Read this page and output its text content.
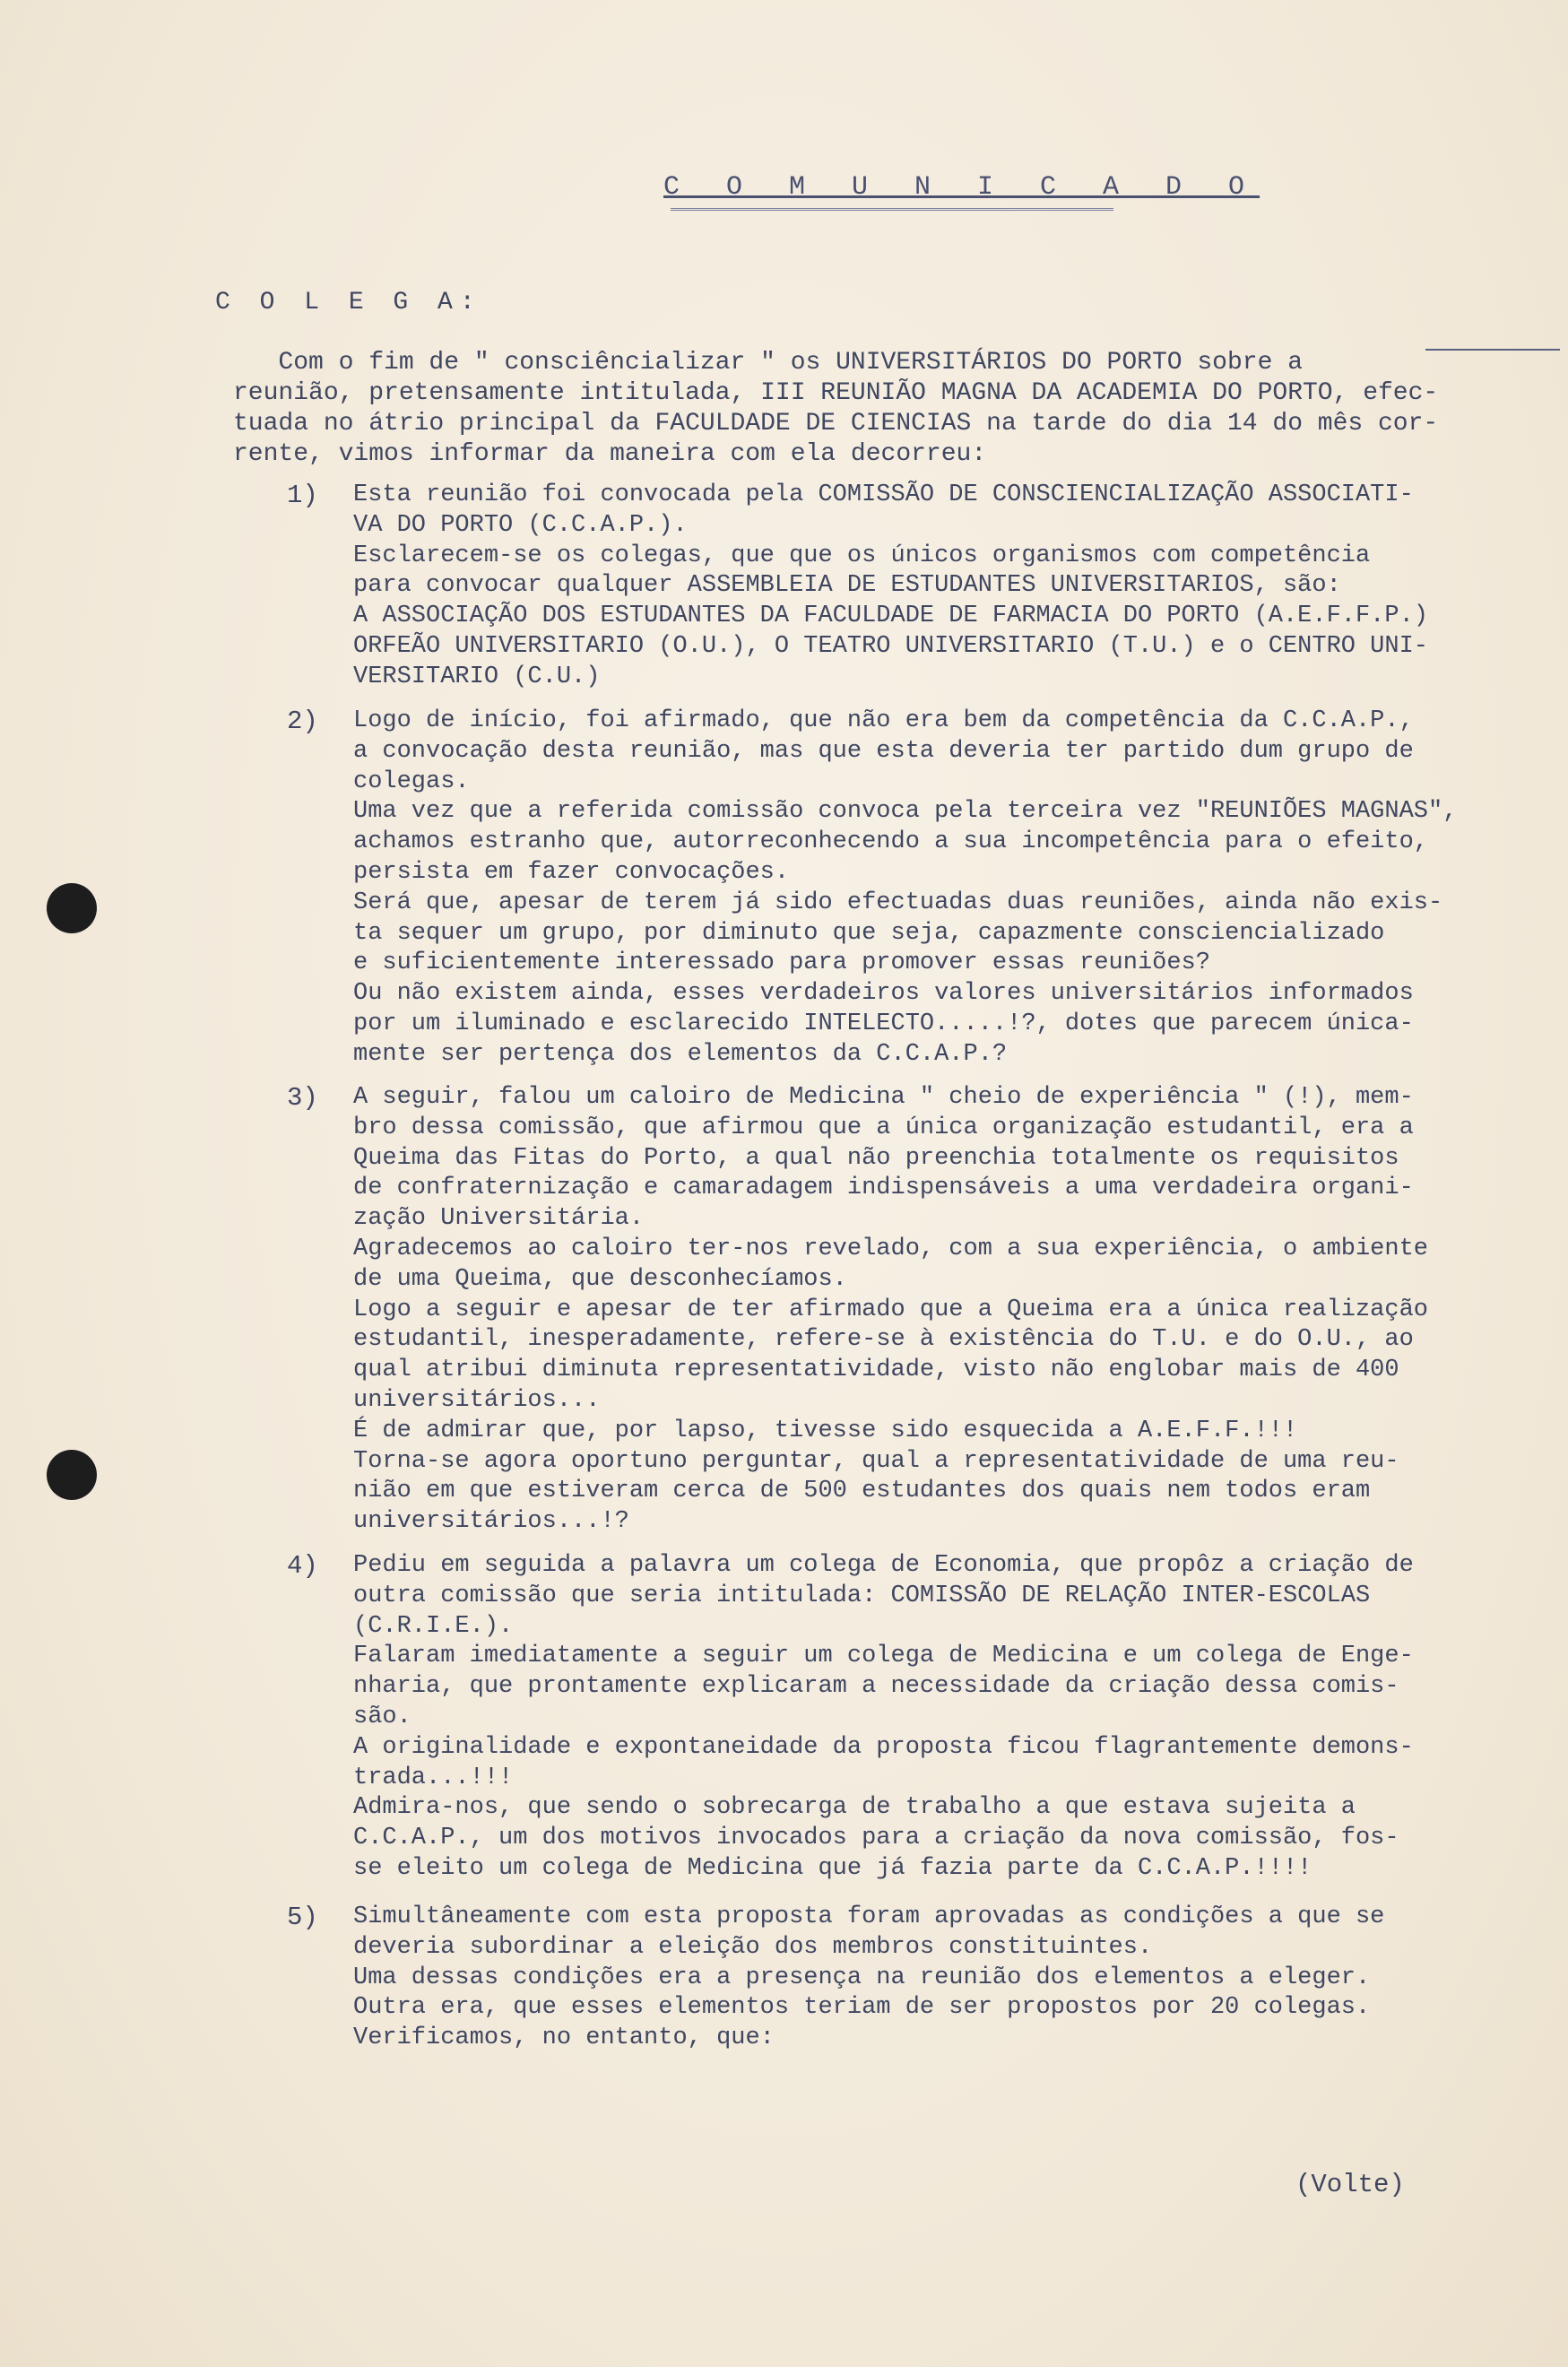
C O M U N I C A D O
C O L E G A:
Com o fim de " consciêncializar " os UNIVERSITÁRIOS DO PORTO sobre a
reunião, pretensamente intitulada, III REUNIÃO MAGNA DA ACADEMIA DO PORTO, efec-
tuada no átrio principal da FACULDADE DE CIENCIAS na tarde do dia 14 do mês cor-
rente, vimos informar da maneira com ela decorreu:
1) Esta reunião foi convocada pela COMISSÃO DE CONSCIENCIALIZAÇÃO ASSOCIATI-
VA DO PORTO (C.C.A.P.).
Esclarecem-se os colegas, que que os únicos organismos com competência
para convocar qualquer ASSEMBLEIA DE ESTUDANTES UNIVERSITARIOS, são:
A ASSOCIAÇÃO DOS ESTUDANTES DA FACULDADE DE FARMACIA DO PORTO (A.E.F.F.P.)
ORFEÃO UNIVERSITARIO (O.U.), O TEATRO UNIVERSITARIO (T.U.) e o CENTRO UNI-
VERSITARIO (C.U.)
2) Logo de início, foi afirmado, que não era bem da competência da C.C.A.P.,
a convocação desta reunião, mas que esta deveria ter partido dum grupo de
colegas.
Uma vez que a referida comissão convoca pela terceira vez "REUNIÕES MAGNAS",
achamos estranho que, autorreconhecendo a sua incompetência para o efeito,
persista em fazer convocações.
Será que, apesar de terem já sido efectuadas duas reuniões, ainda não exis-
ta sequer um grupo, por diminuto que seja, capazmente consciencializado
e suficientemente interessado para promover essas reuniões?
Ou não existem ainda, esses verdadeiros valores universitários informados
por um iluminado e esclarecido INTELECTO.....!?, dotes que parecem única-
mente ser pertença dos elementos da C.C.A.P.?
3) A seguir, falou um caloiro de Medicina " cheio de experiência " (!), mem-
bro dessa comissão, que afirmou que a única organização estudantil, era a
Queima das Fitas do Porto, a qual não preenchia totalmente os requisitos
de confraternização e camaradagem indispensáveis a uma verdadeira organi-
zação Universitária.
Agradecemos ao caloiro ter-nos revelado, com a sua experiência, o ambiente
de uma Queima, que desconhecíamos.
Logo a seguir e apesar de ter afirmado que a Queima era a única realização
estudantil, inesperadamente, refere-se à existência do T.U. e do O.U., ao
qual atribui diminuta representatividade, visto não englobar mais de 400
universitários...
É de admirar que, por lapso, tivesse sido esquecida a A.E.F.F.!!!
Torna-se agora oportuno perguntar, qual a representatividade de uma reu-
nião em que estiveram cerca de 500 estudantes dos quais nem todos eram
universitários...!?
4) Pediu em seguida a palavra um colega de Economia, que propôz a criação de
outra comissão que seria intitulada: COMISSÃO DE RELAÇÃO INTER-ESCOLAS
(C.R.I.E.).
Falaram imediatamente a seguir um colega de Medicina e um colega de Enge-
nharia, que prontamente explicaram a necessidade da criação dessa comis-
são.
A originalidade e expontaneidade da proposta ficou flagrantemente demons-
trada...!!!
Admira-nos, que sendo o sobrecarga de trabalho a que estava sujeita a
C.C.A.P., um dos motivos invocados para a criação da nova comissão, fos-
se eleito um colega de Medicina que já fazia parte da C.C.A.P.!!!!
5) Simultâneamente com esta proposta foram aprovadas as condições a que se
deveria subordinar a eleição dos membros constituintes.
Uma dessas condições era a presença na reunião dos elementos a eleger.
Outra era, que esses elementos teriam de ser propostos por 20 colegas.
Verificamos, no entanto, que:
(Volte)
